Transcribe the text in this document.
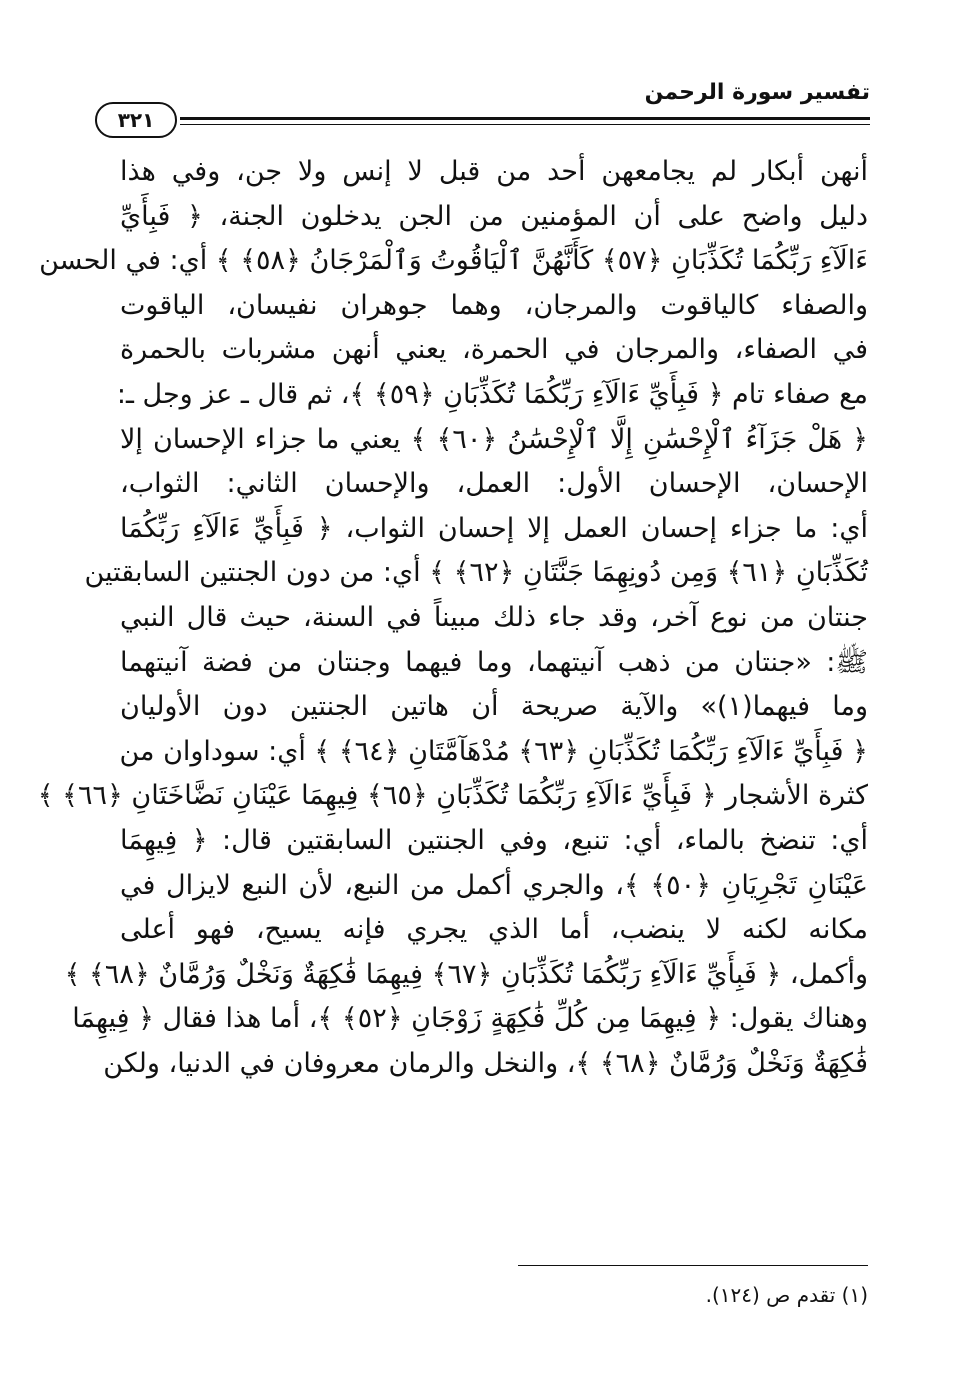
تفسير سورة الرحمن
٣٢١
أنهن أبكار لم يجامعهن أحد من قبل لا إنس ولا جن، وفي هذا
دليل واضح على أن المؤمنين من الجن يدخلون الجنة، ﴿ فَبِأَيِّ
ءَالَآءِ رَبِّكُمَا تُكَذِّبَانِ ﴿٥٧﴾ كَأَنَّهُنَّ ٱلْيَاقُوتُ وَٱلْمَرْجَانُ ﴿٥٨﴾ ﴾ أي: في الحسن
والصفاء كالياقوت والمرجان، وهما جوهران نفيسان، الياقوت
في الصفاء، والمرجان في الحمرة، يعني أنهن مشربات بالحمرة
مع صفاء تام ﴿ فَبِأَيِّ ءَالَآءِ رَبِّكُمَا تُكَذِّبَانِ ﴿٥٩﴾ ﴾، ثم قال ـ عز وجل ـ:
﴿ هَلْ جَزَآءُ ٱلْإِحْسَٰنِ إِلَّا ٱلْإِحْسَٰنُ ﴿٦٠﴾ ﴾ يعني ما جزاء الإحسان إلا
الإحسان، الإحسان الأول: العمل، والإحسان الثاني: الثواب،
أي: ما جزاء إحسان العمل إلا إحسان الثواب، ﴿ فَبِأَيِّ ءَالَآءِ رَبِّكُمَا
تُكَذِّبَانِ ﴿٦١﴾ وَمِن دُونِهِمَا جَنَّتَانِ ﴿٦٢﴾ ﴾ أي: من دون الجنتين السابقتين
جنتان من نوع آخر، وقد جاء ذلك مبيناً في السنة، حيث قال النبي
ﷺ: «جنتان من ذهب آنيتهما، وما فيهما وجنتان من فضة آنيتهما
وما فيهما(١)» والآية صريحة أن هاتين الجنتين دون الأوليان
﴿ فَبِأَيِّ ءَالَآءِ رَبِّكُمَا تُكَذِّبَانِ ﴿٦٣﴾ مُدْهَآمَّتَانِ ﴿٦٤﴾ ﴾ أي: سوداوان من
كثرة الأشجار ﴿ فَبِأَيِّ ءَالَآءِ رَبِّكُمَا تُكَذِّبَانِ ﴿٦٥﴾ فِيهِمَا عَيْنَانِ نَضَّاخَتَانِ ﴿٦٦﴾ ﴾
أي: تنضخ بالماء، أي: تنبع، وفي الجنتين السابقتين قال: ﴿ فِيهِمَا
عَيْنَانِ تَجْرِيَانِ ﴿٥٠﴾ ﴾، والجري أكمل من النبع، لأن النبع لايزال في
مكانه لكنه لا ينضب، أما الذي يجري فإنه يسيح، فهو أعلى
وأكمل، ﴿ فَبِأَيِّ ءَالَآءِ رَبِّكُمَا تُكَذِّبَانِ ﴿٦٧﴾ فِيهِمَا فَٰكِهَةٌ وَنَخْلٌ وَرُمَّانٌ ﴿٦٨﴾ ﴾
وهناك يقول: ﴿ فِيهِمَا مِن كُلِّ فَٰكِهَةٍ زَوْجَانِ ﴿٥٢﴾ ﴾، أما هذا فقال ﴿ فِيهِمَا
فَٰكِهَةٌ وَنَخْلٌ وَرُمَّانٌ ﴿٦٨﴾ ﴾، والنخل والرمان معروفان في الدنيا، ولكن
(١) تقدم ص (١٢٤).
